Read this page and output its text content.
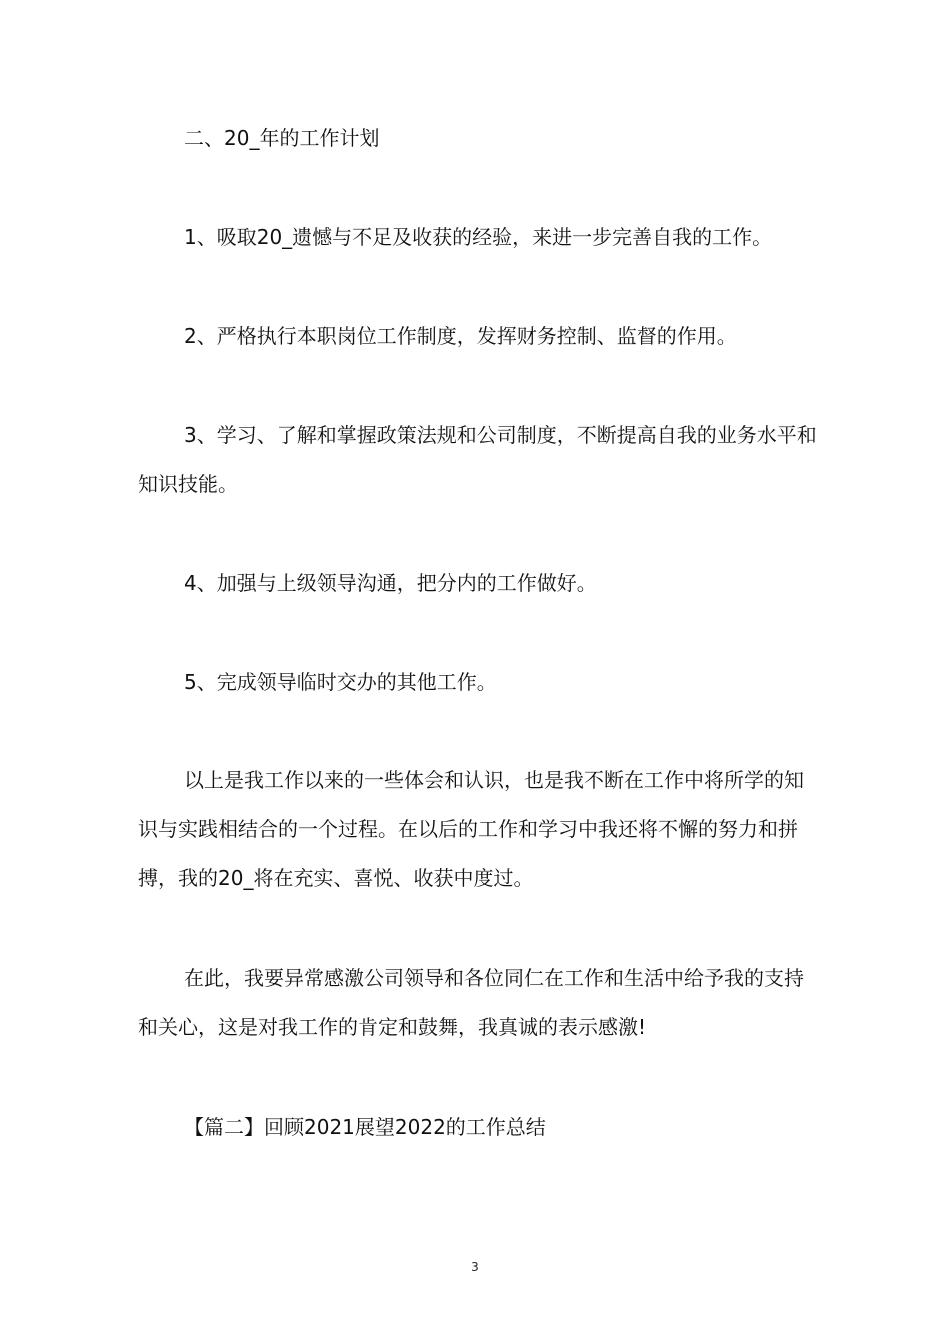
二、20_年的工作计划

1、吸取20_遗憾与不足及收获的经验，来进一步完善自我的工作。

2、严格执行本职岗位工作制度，发挥财务控制、监督的作用。

3、学习、了解和掌握政策法规和公司制度，不断提高自我的业务水平和知识技能。

4、加强与上级领导沟通，把分内的工作做好。

5、完成领导临时交办的其他工作。

以上是我工作以来的一些体会和认识，也是我不断在工作中将所学的知识与实践相结合的一个过程。在以后的工作和学习中我还将不懈的努力和拼搏，我的20_将在充实、喜悦、收获中度过。

在此，我要异常感激公司领导和各位同仁在工作和生活中给予我的支持和关心，这是对我工作的肯定和鼓舞，我真诚的表示感激!

【篇二】回顾2021展望2022的工作总结

3
